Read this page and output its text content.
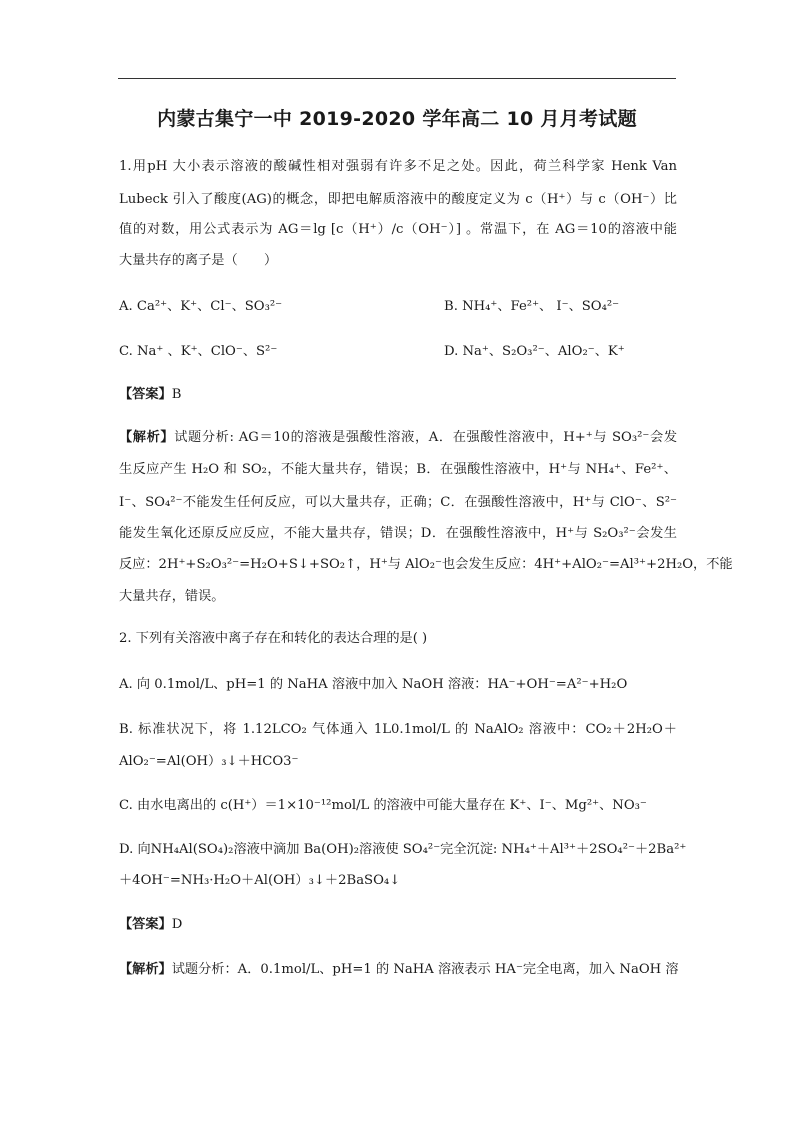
内蒙古集宁一中 2019-2020 学年高二 10 月月考试题
1.用pH 大小表示溶液的酸碱性相对强弱有许多不足之处。因此，荷兰科学家 Henk Van
Lubeck 引入了酸度(AG)的概念，即把电解质溶液中的酸度定义为 c（H⁺）与 c（OH⁻）比
值的对数，用公式表示为 AG＝lg [c（H⁺）/c（OH⁻）] 。常温下，在 AG＝10的溶液中能
大量共存的离子是（　　）
A. Ca²⁺、K⁺、Cl⁻、SO₃²⁻	B. NH₄⁺、Fe²⁺、 I⁻、SO₄²⁻
C. Na⁺ 、K⁺、ClO⁻、S²⁻	D. Na⁺、S₂O₃²⁻、AlO₂⁻、K⁺
【答案】B
【解析】试题分析: AG＝10的溶液是强酸性溶液，A．在强酸性溶液中，H+⁺与 SO₃²⁻会发
生反应产生 H₂O 和 SO₂，不能大量共存，错误；B．在强酸性溶液中，H⁺与 NH₄⁺、Fe²⁺、
I⁻、SO₄²⁻不能发生任何反应，可以大量共存，正确；C．在强酸性溶液中，H⁺与 ClO⁻、S²⁻
能发生氧化还原反应反应，不能大量共存，错误；D．在强酸性溶液中，H⁺与 S₂O₃²⁻会发生
反应：2H⁺+S₂O₃²⁻=H₂O+S↓+SO₂↑，H⁺与 AlO₂⁻也会发生反应：4H⁺+AlO₂⁻=Al³⁺+2H₂O，不能
大量共存，错误。
2. 下列有关溶液中离子存在和转化的表达合理的是( )
A. 向 0.1mol/L、pH=1 的 NaHA 溶液中加入 NaOH 溶液：HA⁻+OH⁻=A²⁻+H₂O
B. 标准状况下，将 1.12LCO₂ 气体通入 1L0.1mol/L 的 NaAlO₂ 溶液中：CO₂＋2H₂O＋
AlO₂⁻=Al(OH）₃↓＋HCO3⁻
C. 由水电离出的 c(H⁺）＝1×10⁻¹²mol/L 的溶液中可能大量存在 K⁺、I⁻、Mg²⁺、NO₃⁻
D. 向NH₄Al(SO₄)₂溶液中滴加 Ba(OH)₂溶液使 SO₄²⁻完全沉淀: NH₄⁺＋Al³⁺＋2SO₄²⁻＋2Ba²⁺
＋4OH⁻=NH₃·H₂O＋Al(OH）₃↓＋2BaSO₄↓
【答案】D
【解析】试题分析：A．0.1mol/L、pH=1 的 NaHA 溶液表示 HA⁻完全电离，加入 NaOH 溶
